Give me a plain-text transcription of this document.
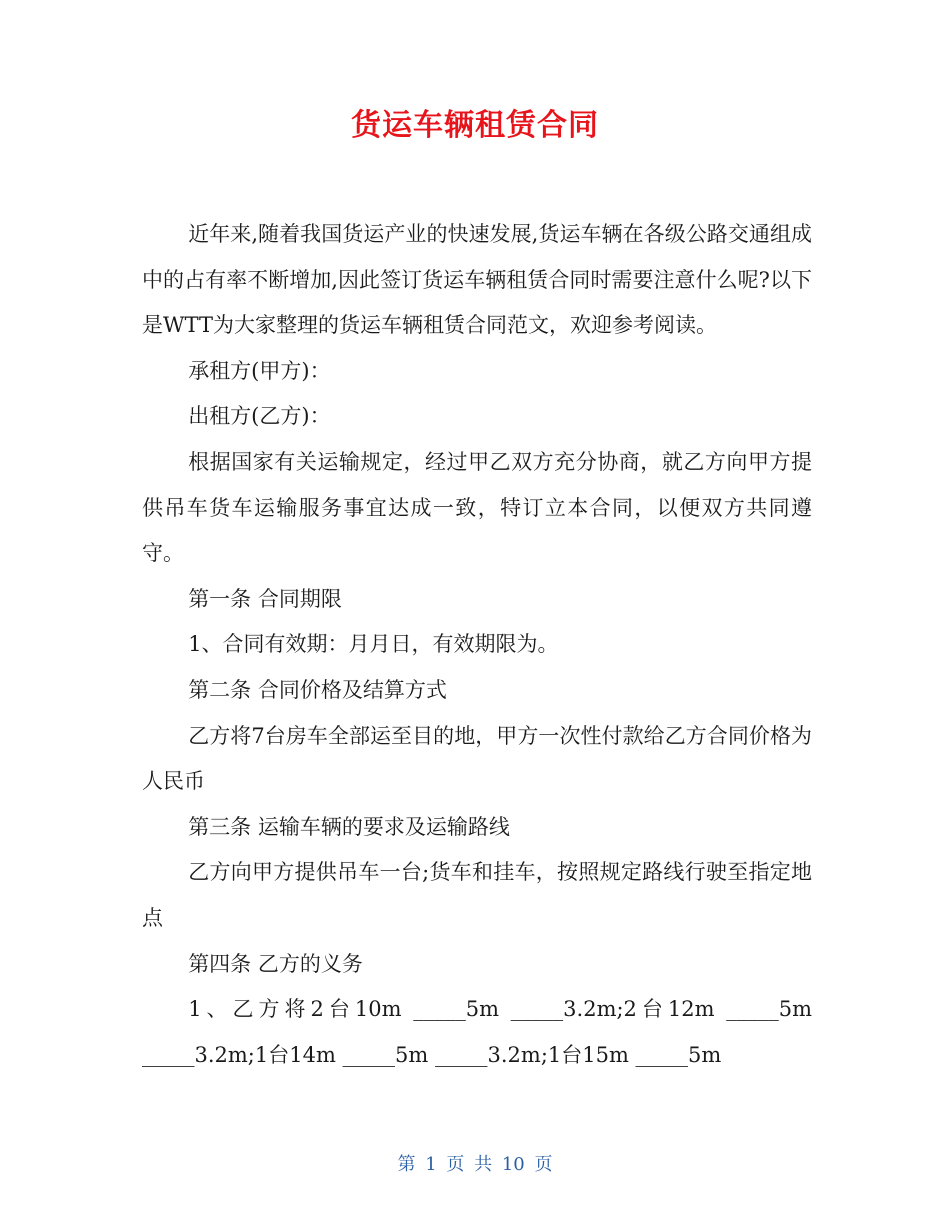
货运车辆租赁合同

近年来,随着我国货运产业的快速发展,货运车辆在各级公路交通组成中的占有率不断增加,因此签订货运车辆租赁合同时需要注意什么呢?以下是WTT为大家整理的货运车辆租赁合同范文，欢迎参考阅读。

承租方(甲方)：

出租方(乙方)：

根据国家有关运输规定，经过甲乙双方充分协商，就乙方向甲方提供吊车货车运输服务事宜达成一致，特订立本合同，以便双方共同遵守。

第一条 合同期限

1、合同有效期：月月日，有效期限为。

第二条 合同价格及结算方式

乙方将7台房车全部运至目的地，甲方一次性付款给乙方合同价格为人民币

第三条 运输车辆的要求及运输路线

乙方向甲方提供吊车一台;货车和挂车，按照规定路线行驶至指定地点

第四条 乙方的义务

1、乙方将2台10m _____5m _____3.2m;2台12m _____5m _____3.2m;1台14m _____5m _____3.2m;1台15m _____5m

第 1 页 共 10 页
